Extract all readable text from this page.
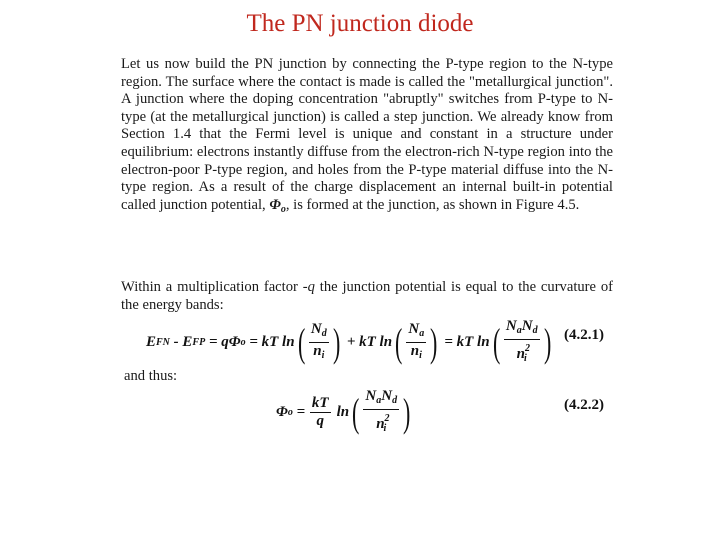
The PN junction diode
Let us now build the PN junction by connecting the P-type region to the N-type region. The surface where the contact is made is called the "metallurgical junction". A junction where the doping concentration "abruptly" switches from P-type to N-type (at the metallurgical junction) is called a step junction. We already know from Section 1.4 that the Fermi level is unique and constant in a structure under equilibrium: electrons instantly diffuse from the electron-rich N-type region into the electron-poor P-type region, and holes from the P-type material diffuse into the N-type region. As a result of the charge displacement an internal built-in potential called junction potential, $\Phi_o$, is formed at the junction, as shown in Figure 4.5.
Within a multiplication factor -q the junction potential is equal to the curvature of the energy bands:
E FN - E FP = qΦ o = kT ln ( $\frac{N_d}{n_i}$ ) + kT ln ( $\frac{N_a}{n_i}$ ) = kT ln ( $\frac{N_aN_d}{n^2_i}$ ) (4.2.1)
and thus:
Φ $o = \frac{kT}{q}$ ln ( $\frac{N_aN_d}{n^2_i}$ )	(4.2.2)
